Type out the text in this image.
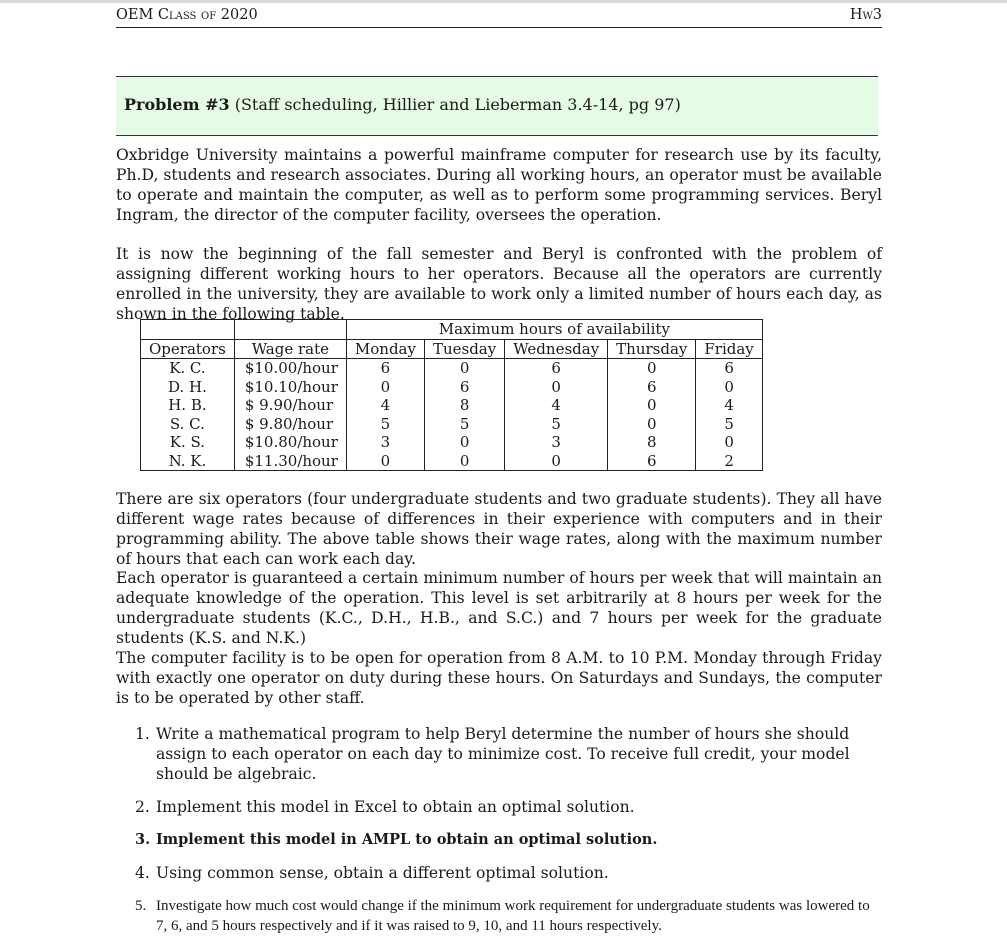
OEM Class of 2020	Hw3
Problem #3 (Staff scheduling, Hillier and Lieberman 3.4-14, pg 97)

Oxbridge University maintains a powerful mainframe computer for research use by its faculty, Ph.D, students and research associates. During all working hours, an operator must be available to operate and maintain the computer, as well as to perform some programming services. Beryl Ingram, the director of the computer facility, oversees the operation.

It is now the beginning of the fall semester and Beryl is confronted with the problem of assigning different working hours to her operators. Because all the operators are currently enrolled in the university, they are available to work only a limited number of hours each day, as shown in the following table.

		Maximum hours of availability				
Operators	Wage rate	Monday	Tuesday	Wednesday	Thursday	Friday
K. C.	$10.00/hour	6	0	6	0	6
D. H.	$10.10/hour	0	6	0	6	0
H. B.	$ 9.90/hour	4	8	4	0	4
S. C.	$ 9.80/hour	5	5	5	0	5
K. S.	$10.80/hour	3	0	3	8	0
N. K.	$11.30/hour	0	0	0	6	2

There are six operators (four undergraduate students and two graduate students). They all have different wage rates because of differences in their experience with computers and in their programming ability. The above table shows their wage rates, along with the maximum number of hours that each can work each day.

Each operator is guaranteed a certain minimum number of hours per week that will maintain an adequate knowledge of the operation. This level is set arbitrarily at 8 hours per week for the undergraduate students (K.C., D.H., H.B., and S.C.) and 7 hours per week for the graduate students (K.S. and N.K.)

The computer facility is to be open for operation from 8 A.M. to 10 P.M. Monday through Friday with exactly one operator on duty during these hours. On Saturdays and Sundays, the computer is to be operated by other staff.

1. Write a mathematical program to help Beryl determine the number of hours she should assign to each operator on each day to minimize cost. To receive full credit, your model should be algebraic.
2. Implement this model in Excel to obtain an optimal solution.
3. Implement this model in AMPL to obtain an optimal solution.
4. Using common sense, obtain a different optimal solution.
5. Investigate how much cost would change if the minimum work requirement for undergraduate students was lowered to 7, 6, and 5 hours respectively and if it was raised to 9, 10, and 11 hours respectively.
